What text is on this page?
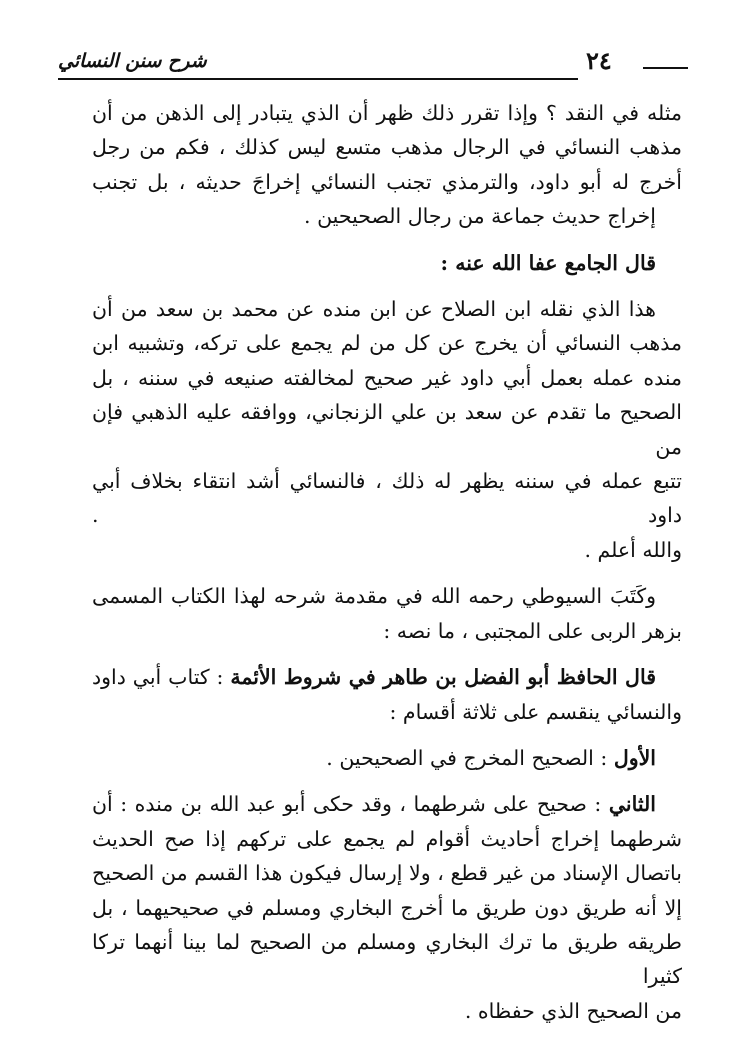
شرح سنن النسائي	٢٤
مثله في النقد ؟ وإذا تقرر ذلك ظهر أن الذي يتبادر إلى الذهن من أن
مذهب النسائي في الرجال مذهب متسع ليس كذلك ، فكم من رجل
أخرج له أبو داود، والترمذي تجنب النسائي إخراجَ حديثه ، بل تجنب
إخراج حديث جماعة من رجال الصحيحين .
قال الجامع عفا الله عنه :
هذا الذي نقله ابن الصلاح عن ابن منده عن محمد بن سعد من أن
مذهب النسائي أن يخرج عن كل من لم يجمع على تركه، وتشبيه ابن
منده عمله بعمل أبي داود غير صحيح لمخالفته صنيعه في سننه ، بل
الصحيح ما تقدم عن سعد بن علي الزنجاني، ووافقه عليه الذهبي فإن من
تتبع عمله في سننه يظهر له ذلك ، فالنسائي أشد انتقاء بخلاف أبي داود .
والله أعلم .
وكَتَبَ السيوطي رحمه الله في مقدمة شرحه لهذا الكتاب المسمى
بزهر الربى على المجتبى ، ما نصه :
قال الحافظ أبو الفضل بن طاهر في شروط الأئمة : كتاب أبي داود
والنسائي ينقسم على ثلاثة أقسام :
الأول : الصحيح المخرج في الصحيحين .
الثاني : صحيح على شرطهما ، وقد حكى أبو عبد الله بن منده : أن
شرطهما إخراج أحاديث أقوام لم يجمع على تركهم إذا صح الحديث
باتصال الإسناد من غير قطع ، ولا إرسال فيكون هذا القسم من الصحيح
إلا أنه طريق دون طريق ما أخرج البخاري ومسلم في صحيحيهما ، بل
طريقه طريق ما ترك البخاري ومسلم من الصحيح لما بينا أنهما تركا كثيرا
من الصحيح الذي حفظاه .
